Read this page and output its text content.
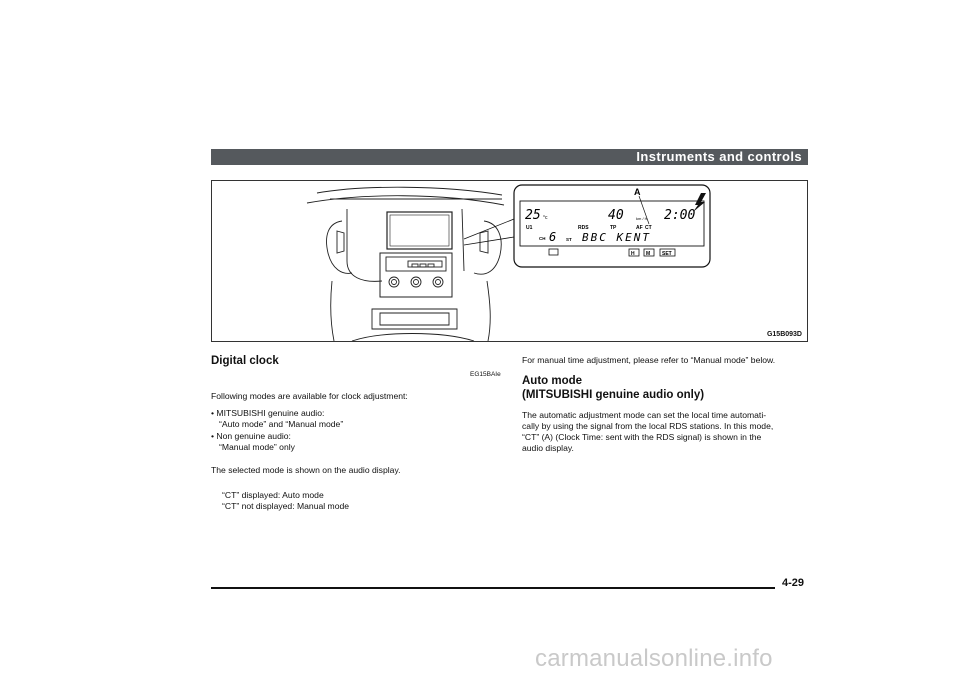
Instruments and controls
A
25 °c	40	km / h 2:00
U1	RDS	TP	AF CT
CH 6 ST BBC KENT
H M SET
G15B093D
Digital clock
EG15BAIe
Following modes are available for clock adjustment:
• MITSUBISHI genuine audio:
“Auto mode” and “Manual mode”
• Non genuine audio:
“Manual mode” only
The selected mode is shown on the audio display.
“CT” displayed: Auto mode
“CT” not displayed: Manual mode
For manual time adjustment, please refer to “Manual mode” below.
Auto mode
(MITSUBISHI genuine audio only)
The automatic adjustment mode can set the local time automati-
cally by using the signal from the local RDS stations. In this mode,
“CT” (A) (Clock Time: sent with the RDS signal) is shown in the
audio display.
4-29
carmanualsonline.info
